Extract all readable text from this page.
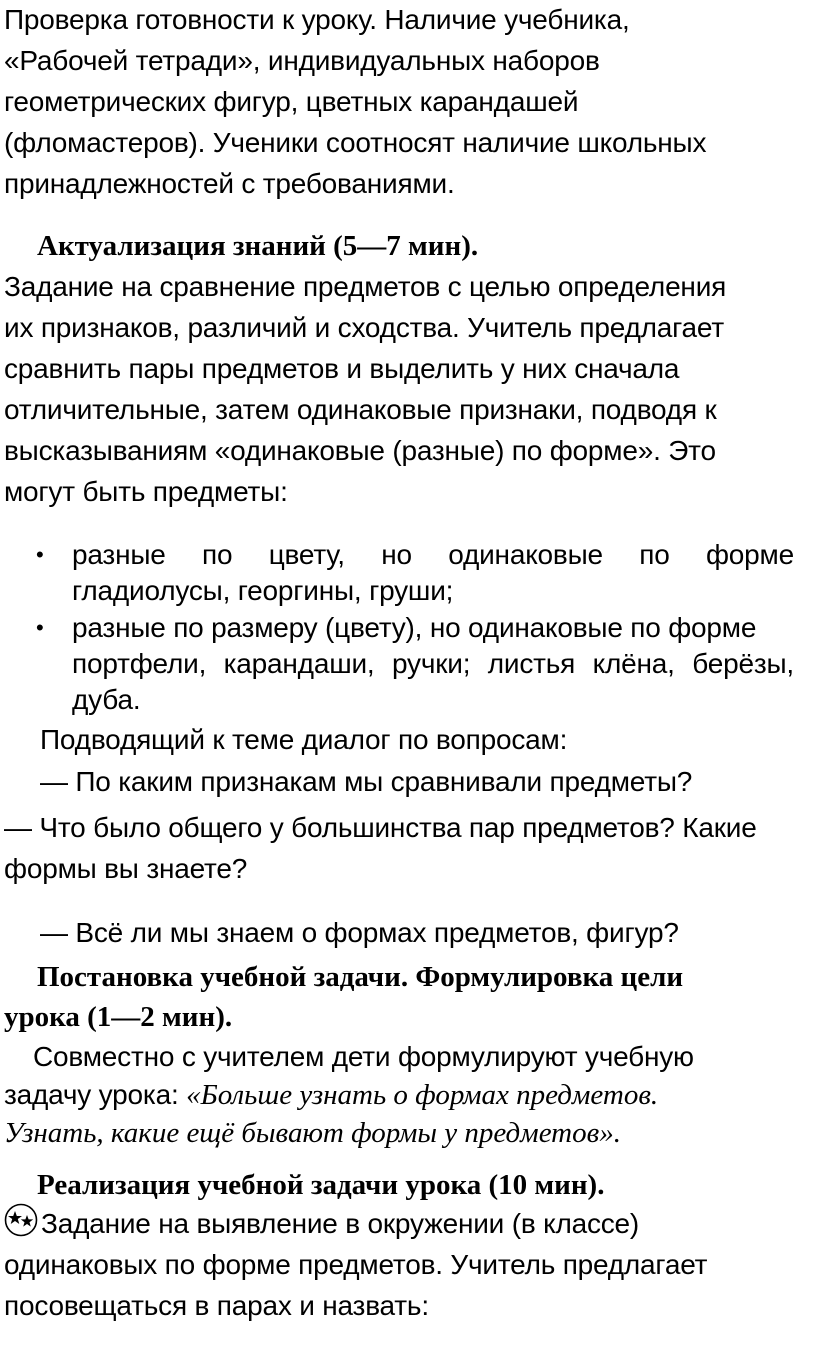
Проверка готовности к уроку. Наличие учебника,
«Рабочей тетради», индивидуальных наборов
геометрических фигур, цветных карандашей
(фломастеров). Ученики соотносят наличие школьных
принадлежностей с требованиями.
Актуализация знаний (5—7 мин).
Задание на сравнение предметов с целью определения
их признаков, различий и сходства. Учитель предлагает
сравнить пары предметов и выделить у них сначала
отличительные, затем одинаковые признаки, подводя к
высказываниям «одинаковые (разные) по форме». Это
могут быть предметы:
• разные по цвету, но одинаковые по форме
гладиолусы, георгины, груши;
• разные по размеру (цвету), но одинаковые по форме
портфели, карандаши, ручки; листья клёна, берёзы,
дуба.
Подводящий к теме диалог по вопросам:
— По каким признакам мы сравнивали предметы?
— Что было общего у большинства пар предметов? Какие
формы вы знаете?
— Всё ли мы знаем о формах предметов, фигур?
Постановка учебной задачи. Формулировка цели
урока (1—2 мин).
Совместно с учителем дети формулируют учебную
задачу урока: «Больше узнать о формах предметов.
Узнать, какие ещё бывают формы у предметов».
Реализация учебной задачи урока (10 мин).
Задание на выявление в окружении (в классе)
одинаковых по форме предметов. Учитель предлагает
посовещаться в парах и назвать:
